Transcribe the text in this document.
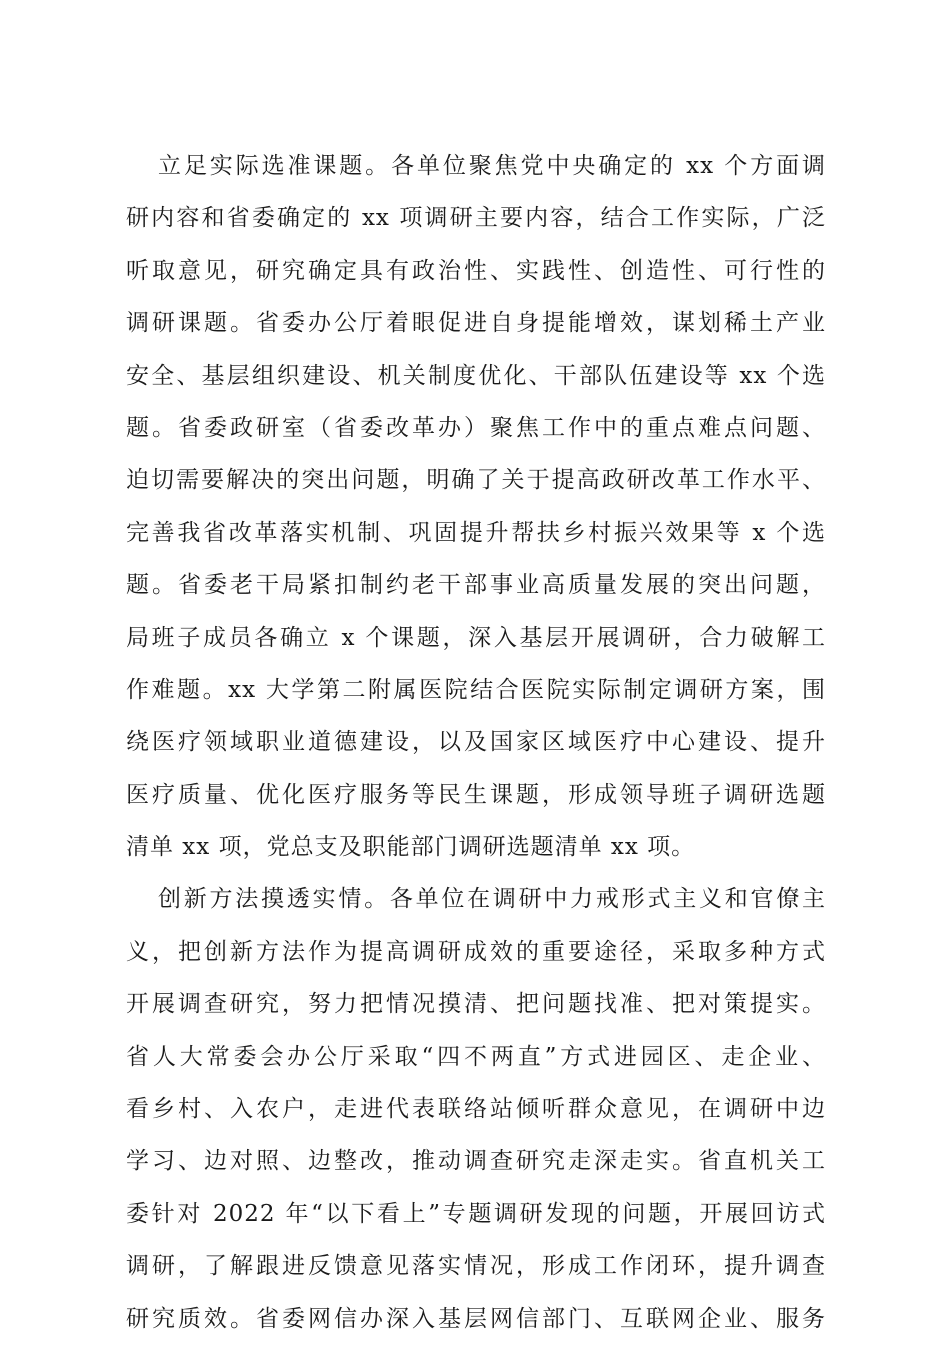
立足实际选准课题。各单位聚焦党中央确定的 xx 个方面调
研内容和省委确定的 xx 项调研主要内容，结合工作实际，广泛
听取意见，研究确定具有政治性、实践性、创造性、可行性的
调研课题。省委办公厅着眼促进自身提能增效，谋划稀土产业
安全、基层组织建设、机关制度优化、干部队伍建设等 xx 个选
题。省委政研室（省委改革办）聚焦工作中的重点难点问题、
迫切需要解决的突出问题，明确了关于提高政研改革工作水平、
完善我省改革落实机制、巩固提升帮扶乡村振兴效果等 x 个选
题。省委老干局紧扣制约老干部事业高质量发展的突出问题，
局班子成员各确立 x 个课题，深入基层开展调研，合力破解工
作难题。xx 大学第二附属医院结合医院实际制定调研方案，围
绕医疗领域职业道德建设，以及国家区域医疗中心建设、提升
医疗质量、优化医疗服务等民生课题，形成领导班子调研选题
清单 xx 项，党总支及职能部门调研选题清单 xx 项。
创新方法摸透实情。各单位在调研中力戒形式主义和官僚主
义，把创新方法作为提高调研成效的重要途径，采取多种方式
开展调查研究，努力把情况摸清、把问题找准、把对策提实。
省人大常委会办公厅采取“四不两直”方式进园区、走企业、
看乡村、入农户，走进代表联络站倾听群众意见，在调研中边
学习、边对照、边整改，推动调查研究走深走实。省直机关工
委针对 2022 年“以下看上”专题调研发现的问题，开展回访式
调研，了解跟进反馈意见落实情况，形成工作闭环，提升调查
研究质效。省委网信办深入基层网信部门、互联网企业、服务
